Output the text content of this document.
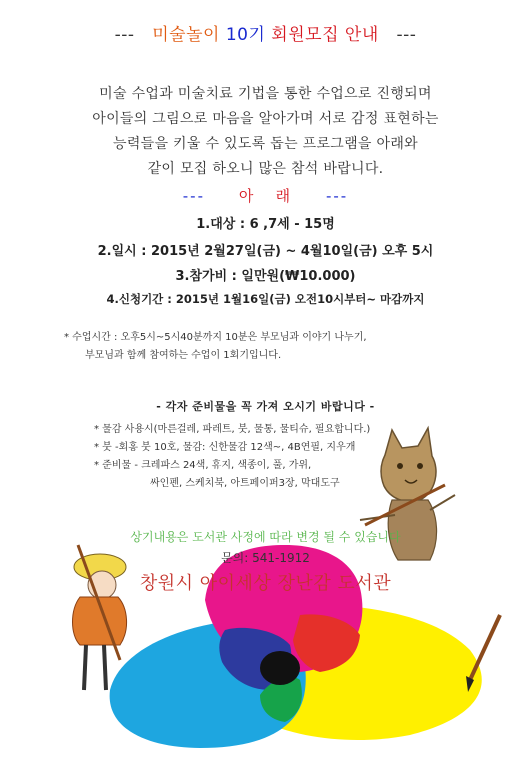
--- 미술놀이 10기 회원모집 안내 ---
미술 수업과 미술치료 기법을 통한 수업으로 진행되며
아이들의 그림으로 마음을 알아가며 서로 감정 표현하는
능력들을 키울 수 있도록 돕는 프로그램을 아래와
같이 모집 하오니 많은 참석 바랍니다.
--- 아   래 ---
1.대상 : 6 ,7세 - 15명
2.일시 : 2015년 2월27일(금) ~ 4월10일(금) 오후 5시
3.참가비 : 일만원(₩10.000)
4.신청기간 : 2015년 1월16일(금) 오전10시부터~ 마감까지
* 수업시간 : 오후5시~5시40분까지 10분은 부모님과 이야기 나누기,
부모님과 함께 참여하는 수업이 1회기입니다.
- 각자 준비물을 꼭 가져 오시기 바랍니다 -
* 물감 사용시(마른걸레, 파레트, 붓, 물통, 물티슈, 필요합니다.)
* 붓 -회홍 붓 10호, 물감: 신한물감 12색~, 4B연필, 지우개
* 준비물 - 크레파스 24색, 휴지, 색종이, 풀, 가위,
싸인펜, 스케치북, 아트페이퍼3장, 막대도구
상기내용은 도서관 사정에 따라 변경 될 수 있습니다
문의: 541-1912
창원시 아이세상 장난감 도서관
